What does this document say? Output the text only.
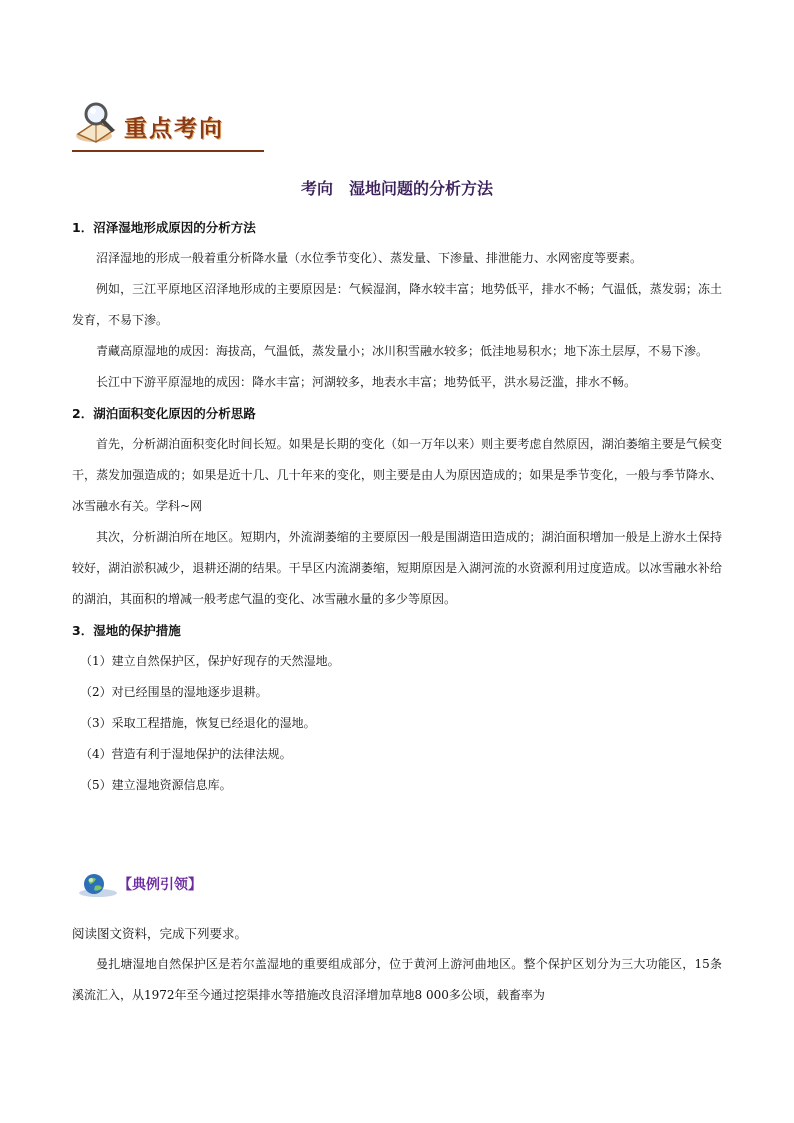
重点考向
考向 湿地问题的分析方法
1．沼泽湿地形成原因的分析方法
沼泽湿地的形成一般着重分析降水量（水位季节变化）、蒸发量、下渗量、排泄能力、水网密度等要素。
例如，三江平原地区沼泽地形成的主要原因是：气候湿润，降水较丰富；地势低平，排水不畅；气温低，蒸发弱；冻土发育，不易下渗。
青藏高原湿地的成因：海拔高，气温低，蒸发量小；冰川积雪融水较多；低洼地易积水；地下冻土层厚，不易下渗。
长江中下游平原湿地的成因：降水丰富；河湖较多，地表水丰富；地势低平，洪水易泛滥，排水不畅。
2．湖泊面积变化原因的分析思路
首先，分析湖泊面积变化时间长短。如果是长期的变化（如一万年以来）则主要考虑自然原因，湖泊萎缩主要是气候变干，蒸发加强造成的；如果是近十几、几十年来的变化，则主要是由人为原因造成的；如果是季节变化，一般与季节降水、冰雪融水有关。学科~网
其次，分析湖泊所在地区。短期内，外流湖萎缩的主要原因一般是围湖造田造成的；湖泊面积增加一般是上游水土保持较好，湖泊淤积减少，退耕还湖的结果。干旱区内流湖萎缩，短期原因是入湖河流的水资源利用过度造成。以冰雪融水补给的湖泊，其面积的增减一般考虑气温的变化、冰雪融水量的多少等原因。
3．湿地的保护措施
（1）建立自然保护区，保护好现存的天然湿地。
（2）对已经围垦的湿地逐步退耕。
（3）采取工程措施，恢复已经退化的湿地。
（4）营造有利于湿地保护的法律法规。
（5）建立湿地资源信息库。
【典例引领】
阅读图文资料，完成下列要求。
曼扎塘湿地自然保护区是若尔盖湿地的重要组成部分，位于黄河上游河曲地区。整个保护区划分为三大功能区，15条溪流汇入，从1972年至今通过挖渠排水等措施改良沼泽增加草地8 000多公顷，载畜率为
